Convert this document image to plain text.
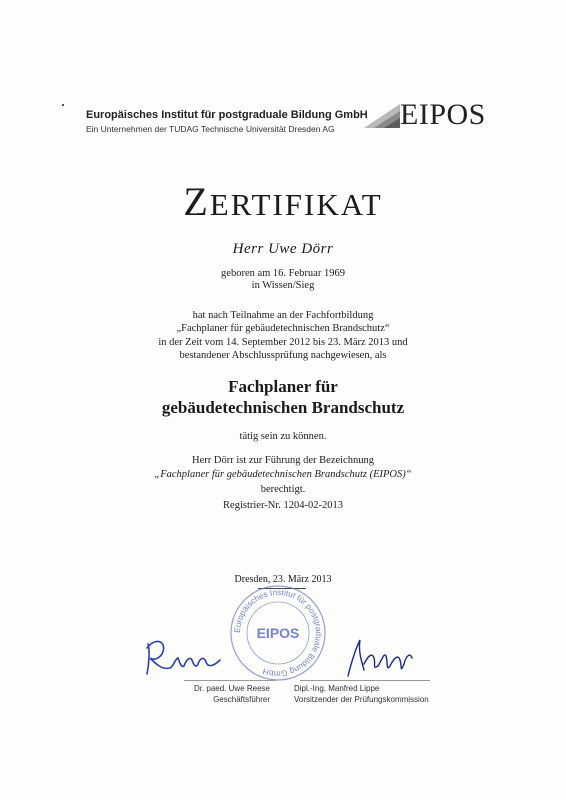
Europäisches Institut für postgraduale Bildung GmbH
Ein Unternehmen der TUDAG Technische Universität Dresden AG EIPOS
ZERTIFIKAT
Herr Uwe Dörr
geboren am 16. Februar 1969
in Wissen/Sieg
hat nach Teilnahme an der Fachfortbildung
„Fachplaner für gebäudetechnischen Brandschutz“
in der Zeit vom 14. September 2012 bis 23. März 2013 und
bestandener Abschlussprüfung nachgewiesen, als
Fachplaner für
gebäudetechnischen Brandschutz
tätig sein zu können.
Herr Dörr ist zur Führung der Bezeichnung
„Fachplaner für gebäudetechnischen Brandschutz (EIPOS)“
berechtigt.
Registrier-Nr. 1204-02-2013
Dresden, 23. März 2013
Europäisches Institut für postgraduale Bildung GmbH
EIPOS
Dr. paed. Uwe Reese
Geschäftsführer
Dipl.-Ing. Manfred Lippe
Vorsitzender der Prüfungskommission
